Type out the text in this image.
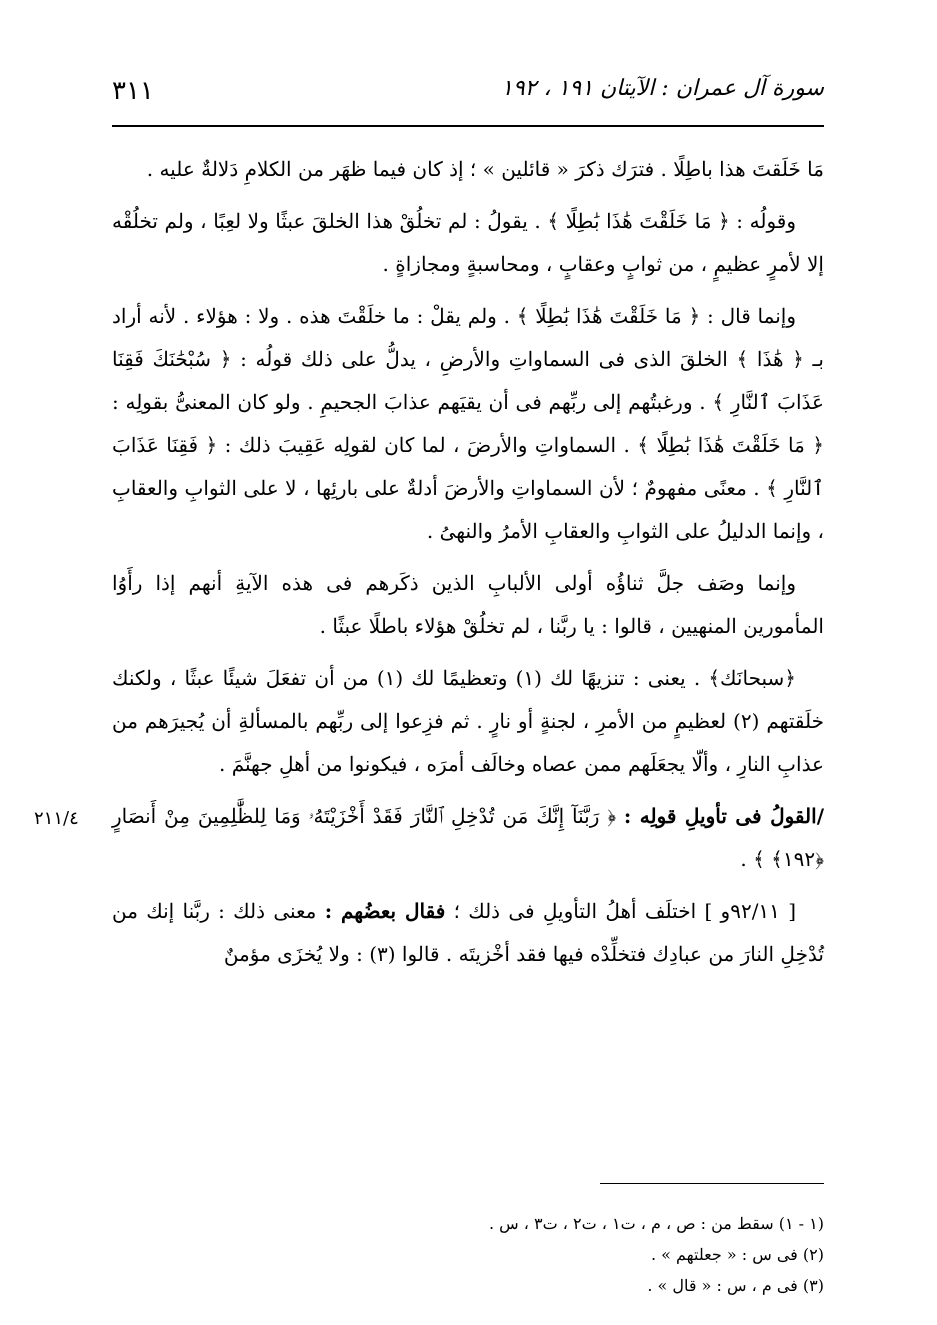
٣١١	سورة آل عمران : الآيتان ١٩١ ، ١٩٢

مَا خَلَقتَ هذا باطِلًا . فترَك ذكرَ « قائلين » ؛ إذ كان فيما ظهَر من الكلامِ دَلالةٌ عليه .

وقولُه : ﴿ مَا خَلَقْتَ هَٰذَا بَٰطِلًا ﴾ . يقولُ : لم تخلُقْ هذا الخلقَ عبثًا ولا لعِبًا ، ولم تخلُقْه إلا لأمرٍ عظيمٍ ، من ثوابٍ وعقابٍ ، ومحاسبةٍ ومجازاةٍ .

وإنما قال : ﴿ مَا خَلَقْتَ هَٰذَا بَٰطِلًا ﴾ . ولم يقلْ : ما خلَقْتَ هذه . ولا : هؤلاء . لأنه أراد بـ ﴿ هَٰذَا ﴾ الخلقَ الذى فى السماواتِ والأرضِ ، يدلُّ على ذلك قولُه : ﴿ سُبْحَٰنَكَ فَقِنَا عَذَابَ ٱلنَّارِ ﴾ . ورغبتُهم إلى ربِّهم فى أن يقيَهم عذابَ الجحيمِ . ولو كان المعنىُّ بقولِه : ﴿ مَا خَلَقْتَ هَٰذَا بَٰطِلًا ﴾ . السماواتِ والأرضَ ، لما كان لقولِه عَقِيبَ ذلك : ﴿ فَقِنَا عَذَابَ ٱلنَّارِ ﴾ . معنًى مفهومٌ ؛ لأن السماواتِ والأرضَ أدلةٌ على بارئِها ، لا على الثوابِ والعقابِ ، وإنما الدليلُ على الثوابِ والعقابِ الأمرُ والنهىُ .

وإنما وصَف جلَّ ثناؤُه أولى الألبابِ الذين ذكَرهم فى هذه الآيةِ أنهم إذا رأَوُا المأمورين المنهيين ، قالوا : يا ربَّنا ، لم تخلُقْ هؤلاء باطلًا عبثًا .

﴿سبحانَك﴾ . يعنى : تنزيهًا لك (١) وتعظيمًا لك (١) من أن تفعَلَ شيئًا عبثًا ، ولكنك خلَقتهم (٢) لعظيمٍ من الأمرِ ، لجنةٍ أو نارٍ . ثم فزِعوا إلى ربِّهم بالمسألةِ أن يُجيرَهم من عذابِ النارِ ، وألّا يجعَلَهم ممن عصاه وخالَف أمرَه ، فيكونوا من أهلِ جهنَّمَ .

/القولُ فى تأويلِ قولِه : ﴿ رَبَّنَآ إِنَّكَ مَن تُدْخِلِ ٱلنَّارَ فَقَدْ أَخْزَيْتَهُۥ وَمَا لِلظَّٰلِمِينَ مِنْ أَنصَارٍ ﴿١٩٢﴾ ﴾ .
٢١١/٤

[ ٩٢/١١و ] اختلَف أهلُ التأويلِ فى ذلك ؛ فقال بعضُهم : معنى ذلك : ربَّنا إنك من تُدْخِلِ النارَ من عبادِك فتخلِّدْه فيها فقد أخْزيتَه . قالوا (٣) : ولا يُخزَى مؤمنٌ

(١ - ١) سقط من : ص ، م ، ت١ ، ت٢ ، ت٣ ، س .
(٢) فى س : « جعلتهم » .
(٣) فى م ، س : « قال » .
